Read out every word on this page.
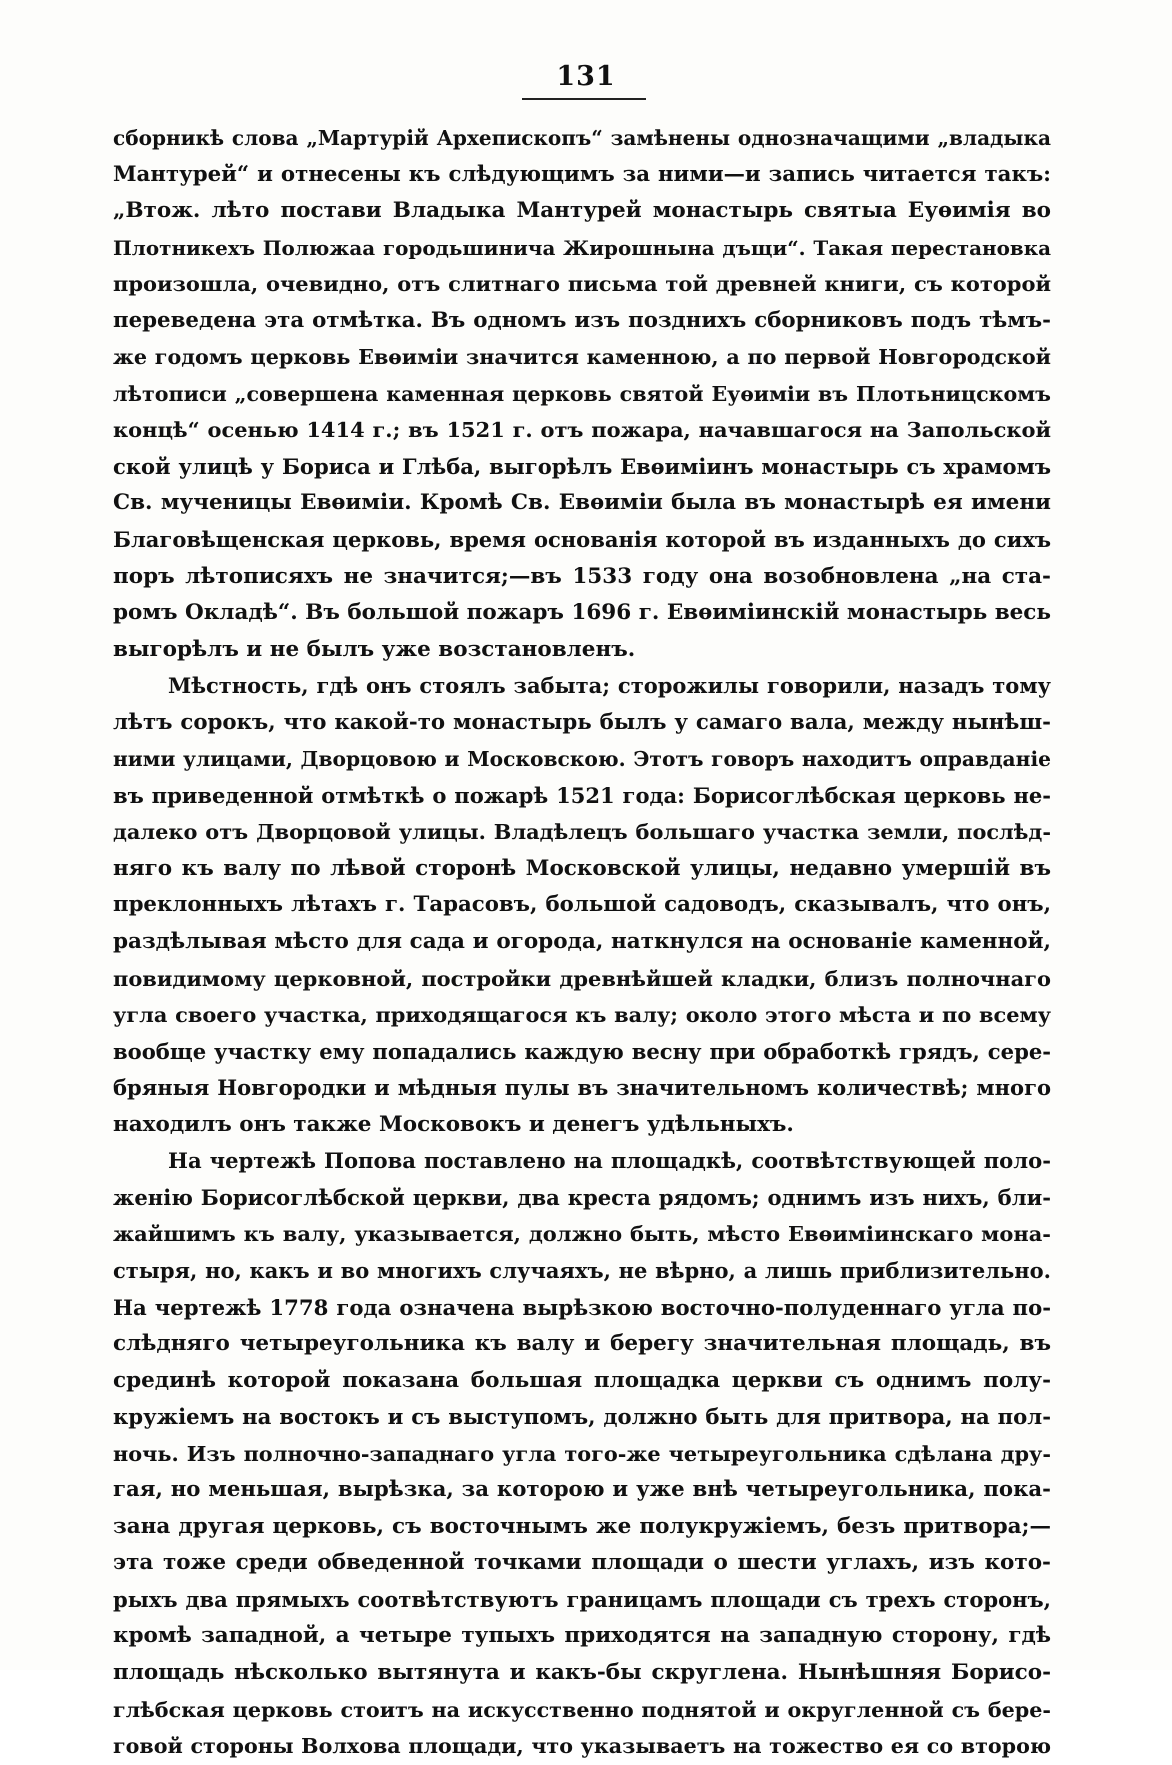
131
сборникѣ слова „Мартурій Архепископъ“ замѣнены однозначащими „владыка
Мантурей“ и отнесены къ слѣдующимъ за ними—и запись читается такъ:
„Втож. лѣто постави Владыка Мантурей монастырь святыа Еуѳимія во
Плотникехъ Полюжаа городьшинича Жирошнына дъщи“. Такая перестановка
произошла, очевидно, отъ слитнаго письма той древней книги, съ которой
переведена эта отмѣтка. Въ одномъ изъ позднихъ сборниковъ подъ тѣмъ-
же годомъ церковь Евѳиміи значится каменною, а по первой Новгородской
лѣтописи „совершена каменная церковь святой Еуѳиміи въ Плотьницскомъ
концѣ“ осенью 1414 г.; въ 1521 г. отъ пожара, начавшагося на Запольской
ской улицѣ у Бориса и Глѣба, выгорѣлъ Евѳиміинъ монастырь съ храмомъ
Св. мученицы Евѳиміи. Кромѣ Св. Евѳиміи была въ монастырѣ ея имени
Благовѣщенская церковь, время основанія которой въ изданныхъ до сихъ
поръ лѣтописяхъ не значится;—въ 1533 году она возобновлена „на ста-
ромъ Окладѣ“. Въ большой пожаръ 1696 г. Евѳиміинскій монастырь весь
выгорѣлъ и не былъ уже возстановленъ.
Мѣстность, гдѣ онъ стоялъ забыта; сторожилы говорили, назадъ тому
лѣтъ сорокъ, что какой-то монастырь былъ у самаго вала, между нынѣш-
ними улицами, Дворцовою и Московскою. Этотъ говоръ находитъ оправданіе
въ приведенной отмѣткѣ о пожарѣ 1521 года: Борисоглѣбская церковь не-
далеко отъ Дворцовой улицы. Владѣлецъ большаго участка земли, послѣд-
няго къ валу по лѣвой сторонѣ Московской улицы, недавно умершій въ
преклонныхъ лѣтахъ г. Тарасовъ, большой садоводъ, сказывалъ, что онъ,
раздѣлывая мѣсто для сада и огорода, наткнулся на основаніе каменной,
повидимому церковной, постройки древнѣйшей кладки, близъ полночнаго
угла своего участка, приходящагося къ валу; около этого мѣста и по всему
вообще участку ему попадались каждую весну при обработкѣ грядъ, сере-
бряныя Новгородки и мѣдныя пулы въ значительномъ количествѣ; много
находилъ онъ также Московокъ и денегъ удѣльныхъ.
На чертежѣ Попова поставлено на площадкѣ, соотвѣтствующей поло-
женію Борисоглѣбской церкви, два креста рядомъ; однимъ изъ нихъ, бли-
жайшимъ къ валу, указывается, должно быть, мѣсто Евѳиміинскаго мона-
стыря, но, какъ и во многихъ случаяхъ, не вѣрно, а лишь приблизительно.
На чертежѣ 1778 года означена вырѣзкою восточно-полуденнаго угла по-
слѣдняго четыреугольника къ валу и берегу значительная площадь, въ
срединѣ которой показана большая площадка церкви съ однимъ полу-
кружіемъ на востокъ и съ выступомъ, должно быть для притвора, на пол-
ночь. Изъ полночно-западнаго угла того-же четыреугольника сдѣлана дру-
гая, но меньшая, вырѣзка, за которою и уже внѣ четыреугольника, пока-
зана другая церковь, съ восточнымъ же полукружіемъ, безъ притвора;—
эта тоже среди обведенной точками площади о шести углахъ, изъ кото-
рыхъ два прямыхъ соотвѣтствуютъ границамъ площади съ трехъ сторонъ,
кромѣ западной, а четыре тупыхъ приходятся на западную сторону, гдѣ
площадь нѣсколько вытянута и какъ-бы скруглена. Нынѣшняя Борисо-
глѣбская церковь стоитъ на искусственно поднятой и округленной съ бере-
говой стороны Волхова площади, что указываетъ на тожество ея со второю
